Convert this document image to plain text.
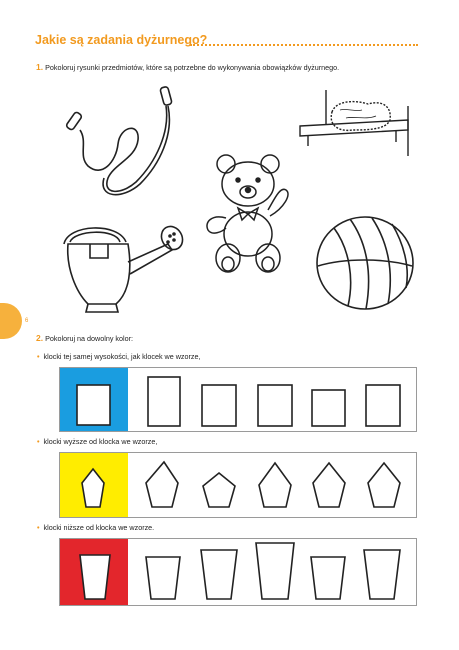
Jakie są zadania dyżurnego?
1. Pokoloruj rysunki przedmiotów, które są potrzebne do wykonywania obowiązków dyżurnego.
6
2. Pokoloruj na dowolny kolor:
• klocki tej samej wysokości, jak klocek we wzorze,
• klocki wyższe od klocka we wzorze,
• klocki niższe od klocka we wzorze.
